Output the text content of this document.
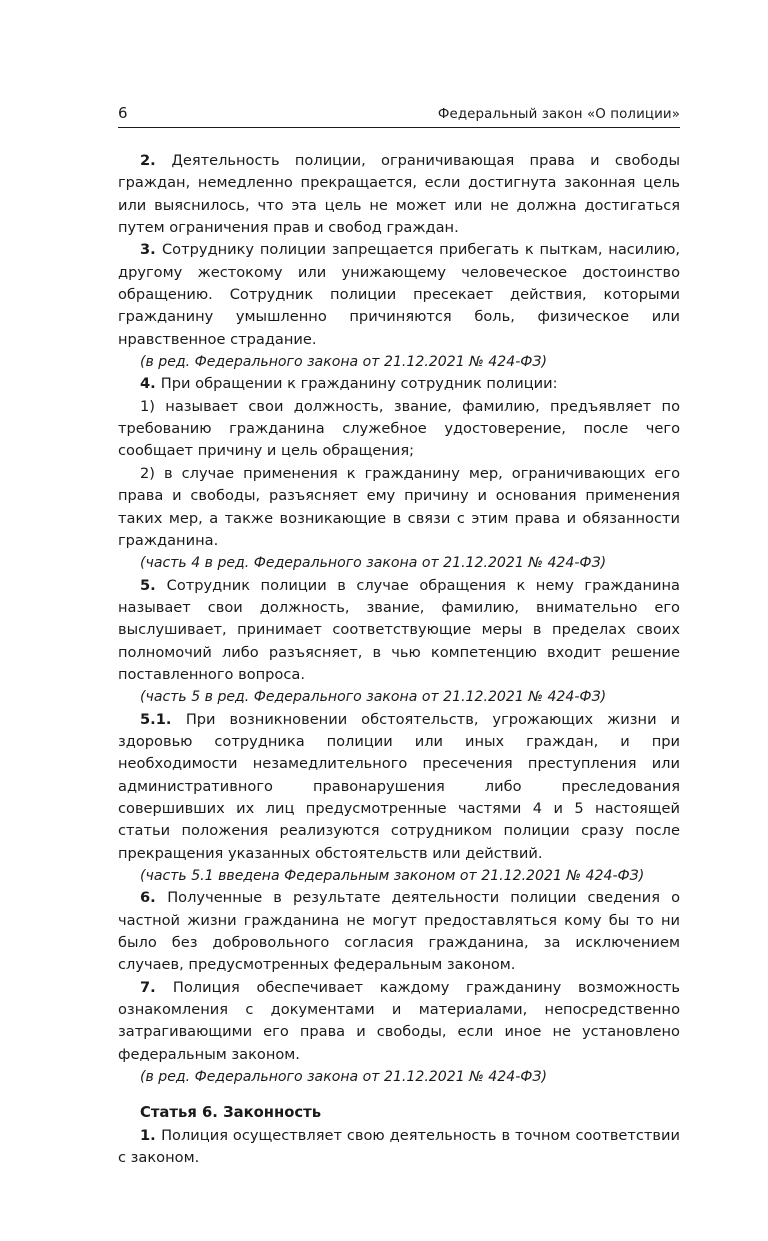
6	Федеральный закон «О полиции»

2. Деятельность полиции, ограничивающая права и свободы граждан, немедленно прекращается, если достигнута законная цель или выяснилось, что эта цель не может или не должна достигаться путем ограничения прав и свобод граждан.

3. Сотруднику полиции запрещается прибегать к пыткам, насилию, другому жестокому или унижающему человеческое достоинство обращению. Сотрудник полиции пресекает действия, которыми гражданину умышленно причиняются боль, физическое или нравственное страдание.

(в ред. Федерального закона от 21.12.2021 № 424-ФЗ)

4. При обращении к гражданину сотрудник полиции:

1) называет свои должность, звание, фамилию, предъявляет по требованию гражданина служебное удостоверение, после чего сообщает причину и цель обращения;

2) в случае применения к гражданину мер, ограничивающих его права и свободы, разъясняет ему причину и основания применения таких мер, а также возникающие в связи с этим права и обязанности гражданина.

(часть 4 в ред. Федерального закона от 21.12.2021 № 424-ФЗ)

5. Сотрудник полиции в случае обращения к нему гражданина называет свои должность, звание, фамилию, внимательно его выслушивает, принимает соответствующие меры в пределах своих полномочий либо разъясняет, в чью компетенцию входит решение поставленного вопроса.

(часть 5 в ред. Федерального закона от 21.12.2021 № 424-ФЗ)

5.1. При возникновении обстоятельств, угрожающих жизни и здоровью сотрудника полиции или иных граждан, и при необходимости незамедлительного пресечения преступления или административного правонарушения либо преследования совершивших их лиц предусмотренные частями 4 и 5 настоящей статьи положения реализуются сотрудником полиции сразу после прекращения указанных обстоятельств или действий.

(часть 5.1 введена Федеральным законом от 21.12.2021 № 424-ФЗ)

6. Полученные в результате деятельности полиции сведения о частной жизни гражданина не могут предоставляться кому бы то ни было без добровольного согласия гражданина, за исключением случаев, предусмотренных федеральным законом.

7. Полиция обеспечивает каждому гражданину возможность ознакомления с документами и материалами, непосредственно затрагивающими его права и свободы, если иное не установлено федеральным законом.

(в ред. Федерального закона от 21.12.2021 № 424-ФЗ)

Статья 6. Законность

1. Полиция осуществляет свою деятельность в точном соответствии с законом.
